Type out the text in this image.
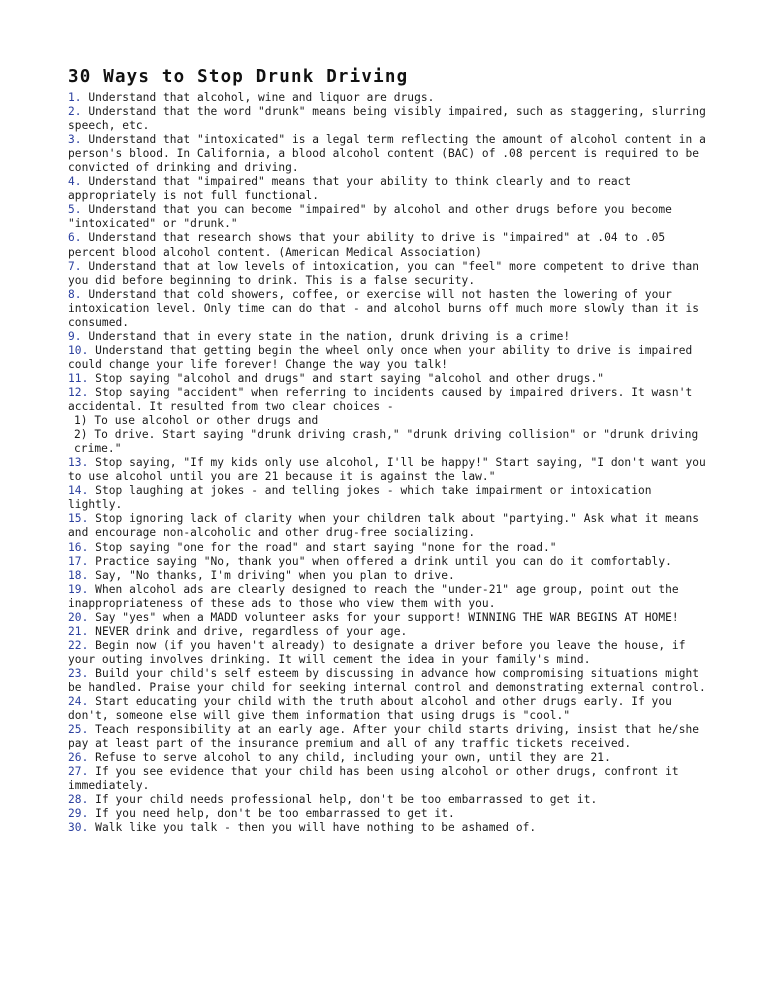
30 Ways to Stop Drunk Driving

1. Understand that alcohol, wine and liquor are drugs.

2. Understand that the word "drunk" means being visibly impaired, such as staggering, slurring speech, etc.

3. Understand that "intoxicated" is a legal term reflecting the amount of alcohol content in a person's blood. In California, a blood alcohol content (BAC) of .08 percent is required to be convicted of drinking and driving.

4. Understand that "impaired" means that your ability to think clearly and to react appropriately is not full functional.

5. Understand that you can become "impaired" by alcohol and other drugs before you become "intoxicated" or "drunk."

6. Understand that research shows that your ability to drive is "impaired" at .04 to .05 percent blood alcohol content. (American Medical Association)

7. Understand that at low levels of intoxication, you can "feel" more competent to drive than you did before beginning to drink. This is a false security.

8. Understand that cold showers, coffee, or exercise will not hasten the lowering of your intoxication level. Only time can do that - and alcohol burns off much more slowly than it is consumed.

9. Understand that in every state in the nation, drunk driving is a crime!

10. Understand that getting begin the wheel only once when your ability to drive is impaired could change your life forever! Change the way you talk!

11. Stop saying "alcohol and drugs" and start saying "alcohol and other drugs."

12. Stop saying "accident" when referring to incidents caused by impaired drivers. It wasn't accidental. It resulted from two clear choices -

1) To use alcohol or other drugs and

2) To drive. Start saying "drunk driving crash," "drunk driving collision" or "drunk driving crime."

13. Stop saying, "If my kids only use alcohol, I'll be happy!" Start saying, "I don't want you to use alcohol until you are 21 because it is against the law."

14. Stop laughing at jokes - and telling jokes - which take impairment or intoxication lightly.

15. Stop ignoring lack of clarity when your children talk about "partying." Ask what it means and encourage non-alcoholic and other drug-free socializing.

16. Stop saying "one for the road" and start saying "none for the road."

17. Practice saying "No, thank you" when offered a drink until you can do it comfortably.

18. Say, "No thanks, I'm driving" when you plan to drive.

19. When alcohol ads are clearly designed to reach the "under-21" age group, point out the inappropriateness of these ads to those who view them with you.

20. Say "yes" when a MADD volunteer asks for your support! WINNING THE WAR BEGINS AT HOME!

21. NEVER drink and drive, regardless of your age.

22. Begin now (if you haven't already) to designate a driver before you leave the house, if your outing involves drinking. It will cement the idea in your family's mind.

23. Build your child's self esteem by discussing in advance how compromising situations might be handled. Praise your child for seeking internal control and demonstrating external control.

24. Start educating your child with the truth about alcohol and other drugs early. If you don't, someone else will give them information that using drugs is "cool."

25. Teach responsibility at an early age. After your child starts driving, insist that he/she pay at least part of the insurance premium and all of any traffic tickets received.

26. Refuse to serve alcohol to any child, including your own, until they are 21.

27. If you see evidence that your child has been using alcohol or other drugs, confront it immediately.

28. If your child needs professional help, don't be too embarrassed to get it.

29. If you need help, don't be too embarrassed to get it.

30. Walk like you talk - then you will have nothing to be ashamed of.
